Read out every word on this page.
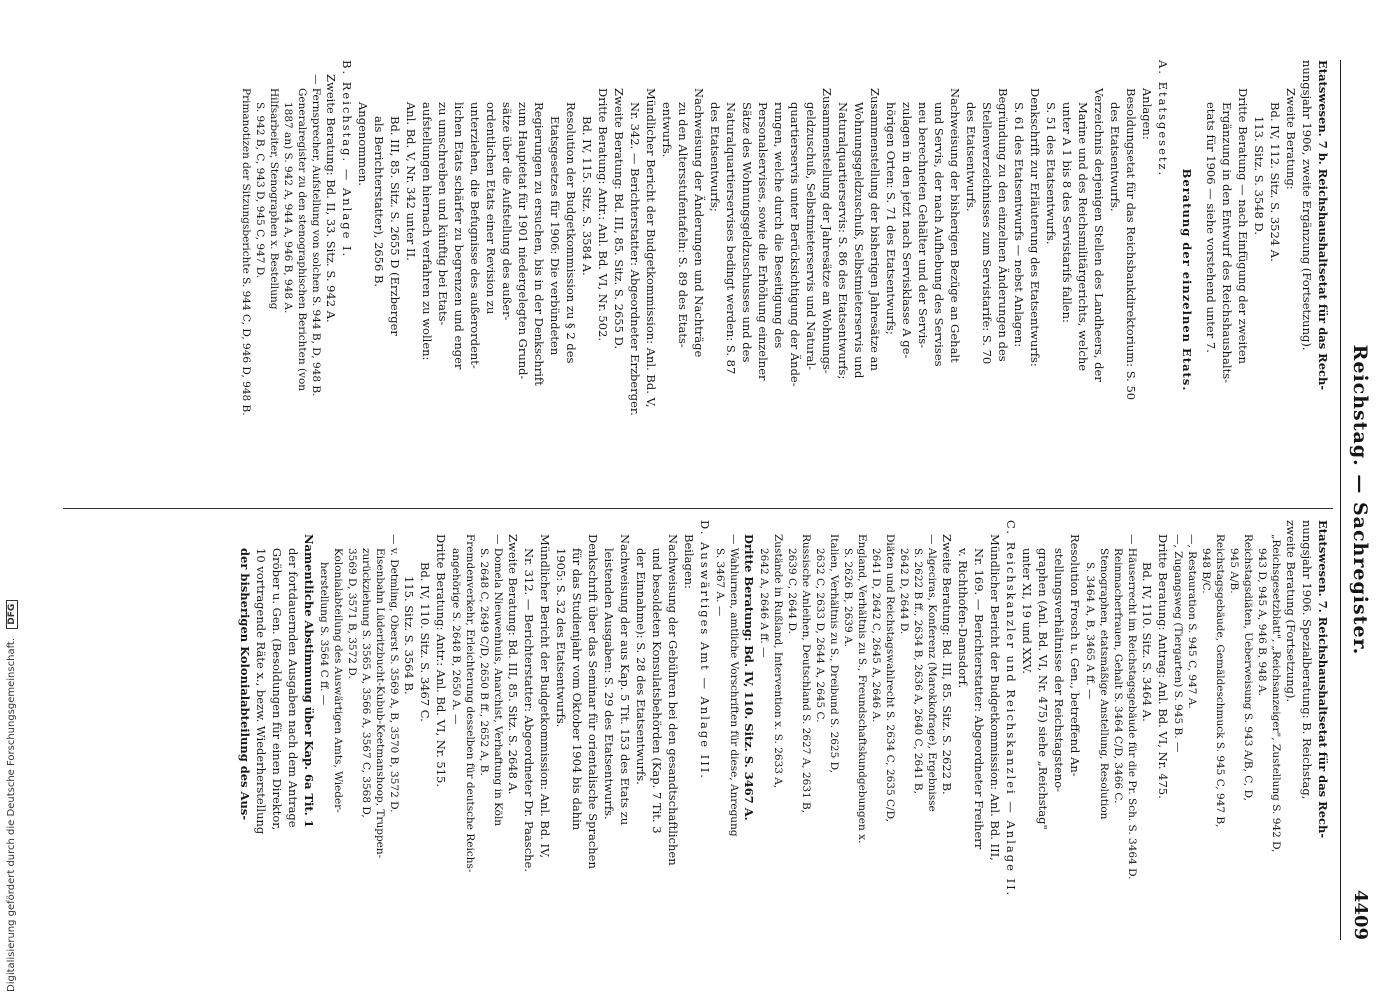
Reichstag. — Sachregister.
4409

Etatswesen. 7 b. Reichshaushaltsetat für das Rech-

nungsjahr 1906, zweite Ergänzung (Fortsetzung).

Zweite Beratung:

Bd. IV, 112. Sitz. S. 3524 A.

113. Sitz. S. 3548 D.

Dritte Beratung — nach Einfügung der zweiten

Ergänzung in den Entwurf des Reichshaushalts-

etats für 1906 — siehe vorstehend unter 7.

Beratung der einzelnen Etats.

A. Etatsgesetz.

Anlagen:

Besoldungsetat für das Reichsbankdirektorium: S. 50

des Etatsentwurfs.

Verzeichnis derjenigen Stellen des Landheers, der

Marine und des Reichsmilitärgerichts, welche

unter A 1 bis 8 des Servistarifs fallen:

S. 51 des Etatsentwurfs.

Denkschrift zur Erläuterung des Etatsentwurfs:

S. 61 des Etatsentwurfs — nebst Anlagen:

Begründung zu den einzelnen Änderungen des

Stellenverzeichnisses zum Servistarife: S. 70

des Etatsentwurfs.

Nachweisung der bisherigen Bezüge an Gehalt

und Servis, der nach Aufhebung des Servises

neu berechneten Gehälter und der Servis-

zulagen in den jetzt nach Servisklasse A ge-

hörigen Orten: S. 71 des Etatsentwurfs;

Zusammenstellung der bisherigen Jahresätze an

Wohnungsgeldzuschuß, Selbstmieterservis und

Naturalquartierservis: S. 86 des Etatsentwurfs;

Zusammenstellung der Jahresätze an Wohnungs-

geldzuschuß, Selbstmieterservis und Natural-

quartierservis unter Berücksichtigung der Ände-

rungen, welche durch die Beseitigung des

Personalservises, sowie die Erhöhung einzelner

Sätze des Wohnungsgeldzuschusses und des

Naturalquartierservises bedingt werden: S. 87

des Etatsentwurfs;

Nachweisung der Änderungen und Nachträge

zu den Altersstufentafeln: S. 89 des Etats-

entwurfs.

Mündlicher Bericht der Budgetkommission: Anl. Bd. V,

Nr. 342. — Berichterstatter: Abgeordneter Erzberger.

Zweite Beratung: Bd. III, 85. Sitz. S. 2655 D.

Dritte Beratung: Antr.: Anl. Bd. VI, Nr. 502.

Bd. IV, 115. Sitz. S. 3584 A.

Resolution der Budgetkommission zu § 2 des

Etatsgesetzes für 1906: Die verbündeten

Regierungen zu ersuchen, bis in der Denkschrift

zum Hauptetat für 1901 niedergelegten Grund-

sätze über die Aufstellung des außer-

ordentlichen Etats einer Revision zu

unterziehen, die Befugnisse des außerordent-

lichen Etats schärfer zu begrenzen und enger

zu umschreiben und künftig bei Etats-

aufstellungen hiernach verfahren zu wollen:

Anl. Bd. V, Nr. 342 unter II.

Bd. III, 85. Sitz. S. 2655 D (Erzberger

als Berichterstatter), 2656 B.

Angenommen.

B. Reichstag. — Anlage I.

Zweite Beratung: Bd. II, 33. Sitz. S. 942 A.

— Fernsprecher, Aufstellung von solchen S. 944 B, D, 948 B.

Generalregister zu den stenographischen Berichten (von

1887 an) S. 942 A, 944 A, 946 B, 948 A.

Hilfsarbeiter, Stenographen x. Bestellung

S. 942 B, C, 943 D, 945 C, 947 D.

Primanotizen der Sitzungsberichte S. 944 C, D, 946 D, 948 B.

Etatswesen. 7. Reichshaushaltsetat für das Rech-

nungsjahr 1906. Spezialberatung: B. Reichstag,

zweite Beratung (Fortsetzung).

„Reichsgesetzblatt", „Reichsanzeiger", Zustellung S. 942 D,

943 D, 945 A, 946 B, 948 A.

Reichstagsdiäten, Ueberweisung S. 943 A/B, C, D,

945 A/B.

Reichstagsgebäude, Gemäldeschmuck S. 945 C, 947 B,

948 B/C.

—, Restauration S. 945 C, 947 A.

—, Zugangsweg (Tiergarten) S. 945 B. —

Dritte Beratung: Antrag: Anl. Bd. VI, Nr. 475.

Bd. IV, 110. Sitz. S. 3464 A.

— Häuserrecht im Reichstagsgebäude für die Pr. Sch. S. 3464 D.

Reinmacherfrauen, Gehalt S. 3464 C/D, 3466 C.

Stenographen, etatsmäßige Anstellung, Resolution

S. 3464 A, B, 3465 A ff. —

Resolution Frosch u. Gen., betreffend An-

stellungsverhältnisse der Reichstagsteno-

graphen (Anl. Bd. VI, Nr. 475) siehe „Reichstag"

unter XI, 19 und XXV.

C. Reichskanzler und Reichskanzlei — Anlage II.

Mündlicher Bericht der Budgetkommission: Anl. Bd. III,

Nr. 169. — Berichterstatter: Abgeordneter Freiherr

v. Richthofen-Damsdorf.

Zweite Beratung: Bd. III, 85. Sitz. S. 2622 B.

— Algeciras, Konferenz (Marokkofrage), Ergebnisse

S. 2622 B ff., 2634 B, 2636 A, 2640 C, 2641 B,

2642 D, 2644 D.

Diäten und Reichstagswahlrecht S. 2634 C, 2635 C/D,

2641 D, 2642 C, 2645 A, 2646 A.

England, Verhältnis zu S., Freundschaftskundgebungen x.

S. 2626 B, 2639 A.

Italien, Verhältnis zu S., Dreibund S. 2625 D,

2632 C, 2633 D, 2644 A, 2645 C.

Russische Anleihen, Deutschland S. 2627 A, 2631 B,

2639 C, 2644 D.

Zustände in Rußland, Intervention x. S. 2633 A,

2642 A, 2646 A ff. —

Dritte Beratung: Bd. IV, 110. Sitz. S. 3467 A.

— Wahlurnen, amtliche Vorschriften für diese, Anregung

S. 3467 A. —

D. Auswärtiges Amt — Anlage III.

Beilagen:

Nachweisung der Gebühren bei den gesandtschaftlichen

und besoldeten Konsulatsbehörden (Kap. 7 Tit. 3

der Einnahme): S. 28 des Etatsentwurfs.

Nachweisung der aus Kap. 5 Tit. 153 des Etats zu

leistenden Ausgaben: S. 29 des Etatsentwurfs.

Denkschrift über das Seminar für orientalische Sprachen

für das Studienjahr vom Oktober 1904 bis dahin

1905: S. 32 des Etatsentwurfs.

Mündlicher Bericht der Budgetkommission: Anl. Bd. IV,

Nr. 312. — Berichterstatter: Abgeordneter Dr. Paasche.

Zweite Beratung: Bd. III, 85. Sitz. S. 2648 A.

— Domela Nieuwenhuis, Anarchist, Verhaftung in Köln

S. 2648 C, 2649 C/D, 2650 B ff., 2652 A, B.

Fremdenverkehr, Erleichterung desselben für deutsche Reichs-

angehörige S. 2648 B, 2650 A. —

Dritte Beratung: Antr.: Anl. Bd. VI, Nr. 515.

Bd. IV, 110. Sitz. S. 3467 C.

115. Sitz. S. 3564 B.

— v. Detmling, Oberst S. 3569 A, B, 3570 B, 3572 D.

Eisenbahn Lüderitzbucht-Kubub-Keetmanshoop, Truppen-

zurückziehung S. 3565 A, 3566 A, 3567 C, 3568 D,

3569 D, 3571 B, 3572 D.

Kolonialabteilung des Auswärtigen Amts, Wieder-

herstellung S. 3564 C ff. —

Namentliche Abstimmung über Kap. 6a Tit. 1

der fortdauernden Ausgaben nach dem Antrage

Gröber u. Gen. (Besoldungen für einen Direktor,

10 vortragende Räte x., bezw. Wiederherstellung

der bisherigen Kolonialabteilung des Aus-

Digitalisierung gefördert durch die Deutsche Forschungsgemeinschaft. DFG
